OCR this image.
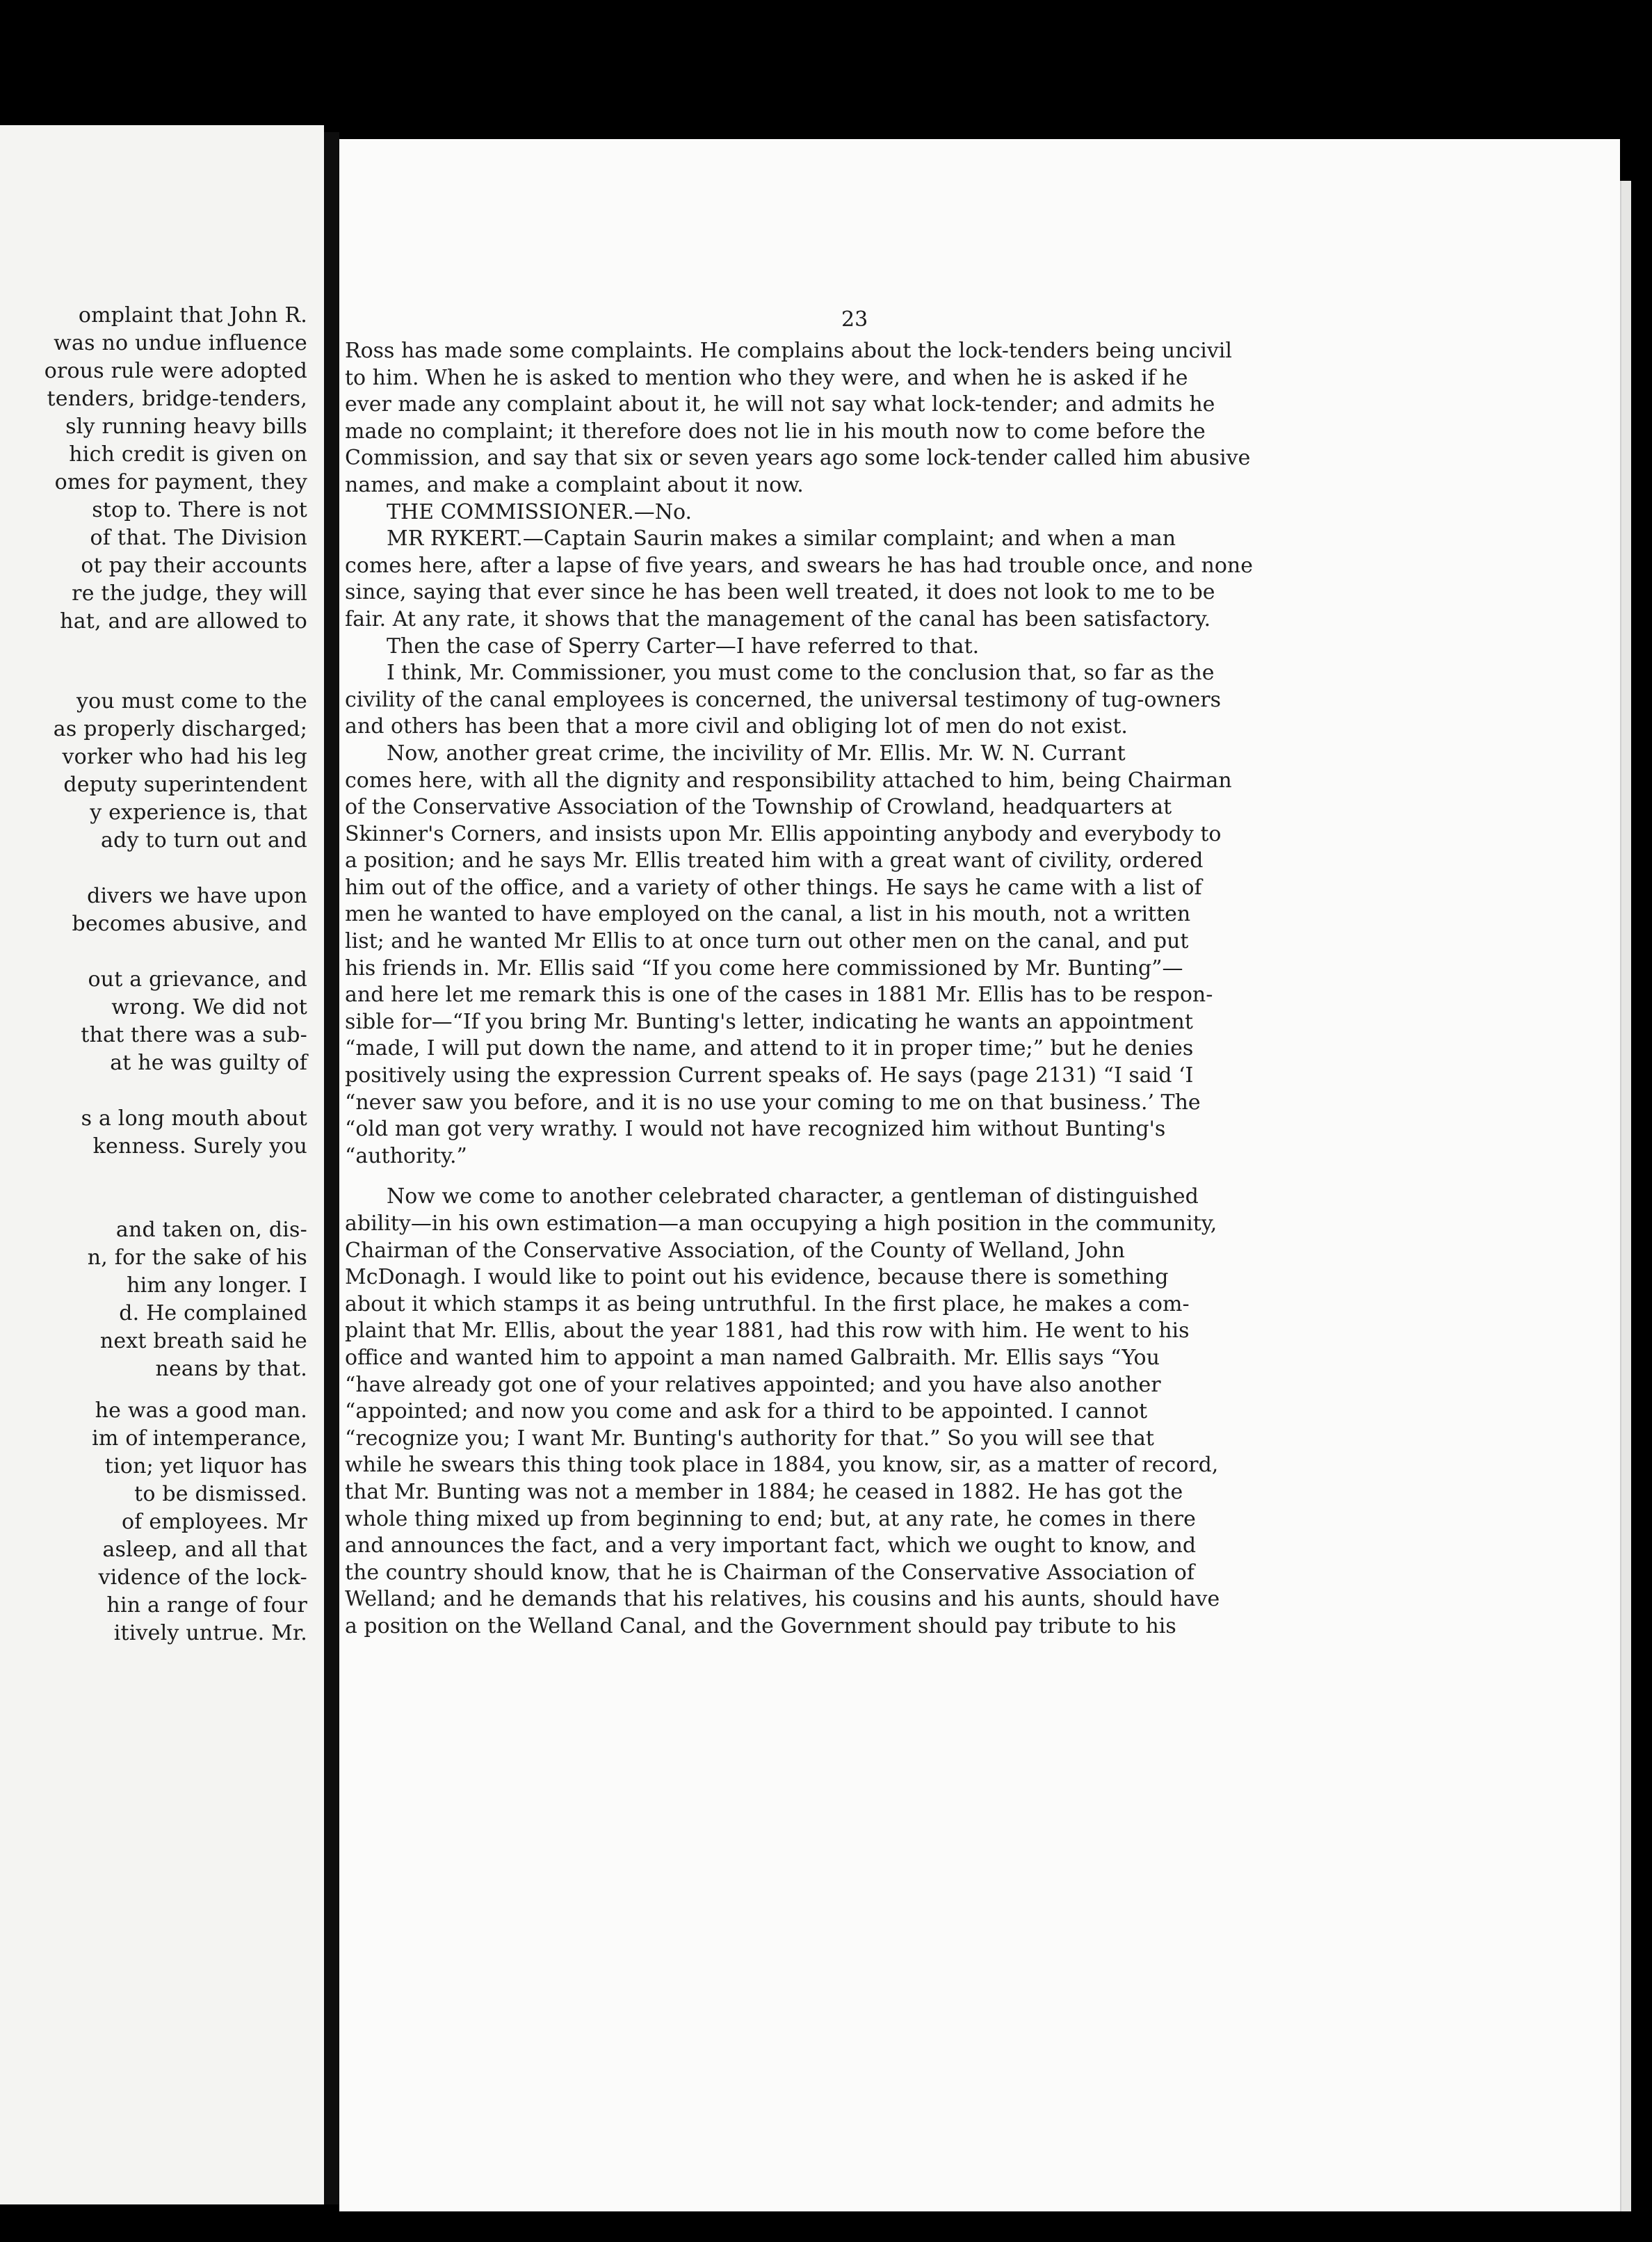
omplaint that John R.
was no undue influence
orous rule were adopted
tenders, bridge-tenders,
sly running heavy bills
hich credit is given on
omes for payment, they
stop to. There is not
of that. The Division
ot pay their accounts
re the judge, they will
hat, and are allowed to
you must come to the
as properly discharged;
vorker who had his leg
deputy superintendent
y experience is, that
ady to turn out and
divers we have upon
becomes abusive, and
out a grievance, and
wrong. We did not
that there was a sub-
at he was guilty of
s a long mouth about
kenness. Surely you
and taken on, dis-
n, for the sake of his
him any longer. I
d. He complained
next breath said he
neans by that.
he was a good man.
im of intemperance,
tion; yet liquor has
to be dismissed.
of employees. Mr
asleep, and all that
vidence of the lock-
hin a range of four
itively untrue. Mr.
23
Ross has made some complaints. He complains about the lock-tenders being uncivil
to him. When he is asked to mention who they were, and when he is asked if he
ever made any complaint about it, he will not say what lock-tender; and admits he
made no complaint; it therefore does not lie in his mouth now to come before the
Commission, and say that six or seven years ago some lock-tender called him abusive
names, and make a complaint about it now.
THE COMMISSIONER.—No.
MR RYKERT.—Captain Saurin makes a similar complaint; and when a man
comes here, after a lapse of five years, and swears he has had trouble once, and none
since, saying that ever since he has been well treated, it does not look to me to be
fair. At any rate, it shows that the management of the canal has been satisfactory.
Then the case of Sperry Carter—I have referred to that.
I think, Mr. Commissioner, you must come to the conclusion that, so far as the
civility of the canal employees is concerned, the universal testimony of tug-owners
and others has been that a more civil and obliging lot of men do not exist.
Now, another great crime, the incivility of Mr. Ellis. Mr. W. N. Currant
comes here, with all the dignity and responsibility attached to him, being Chairman
of the Conservative Association of the Township of Crowland, headquarters at
Skinner's Corners, and insists upon Mr. Ellis appointing anybody and everybody to
a position; and he says Mr. Ellis treated him with a great want of civility, ordered
him out of the office, and a variety of other things. He says he came with a list of
men he wanted to have employed on the canal, a list in his mouth, not a written
list; and he wanted Mr Ellis to at once turn out other men on the canal, and put
his friends in. Mr. Ellis said “If you come here commissioned by Mr. Bunting”—
and here let me remark this is one of the cases in 1881 Mr. Ellis has to be respon-
sible for—“If you bring Mr. Bunting's letter, indicating he wants an appointment
“made, I will put down the name, and attend to it in proper time;” but he denies
positively using the expression Current speaks of. He says (page 2131) “I said ‘I
“never saw you before, and it is no use your coming to me on that business.’ The
“old man got very wrathy. I would not have recognized him without Bunting's
“authority.”
Now we come to another celebrated character, a gentleman of distinguished
ability—in his own estimation—a man occupying a high position in the community,
Chairman of the Conservative Association, of the County of Welland, John
McDonagh. I would like to point out his evidence, because there is something
about it which stamps it as being untruthful. In the first place, he makes a com-
plaint that Mr. Ellis, about the year 1881, had this row with him. He went to his
office and wanted him to appoint a man named Galbraith. Mr. Ellis says “You
“have already got one of your relatives appointed; and you have also another
“appointed; and now you come and ask for a third to be appointed. I cannot
“recognize you; I want Mr. Bunting's authority for that.” So you will see that
while he swears this thing took place in 1884, you know, sir, as a matter of record,
that Mr. Bunting was not a member in 1884; he ceased in 1882. He has got the
whole thing mixed up from beginning to end; but, at any rate, he comes in there
and announces the fact, and a very important fact, which we ought to know, and
the country should know, that he is Chairman of the Conservative Association of
Welland; and he demands that his relatives, his cousins and his aunts, should have
a position on the Welland Canal, and the Government should pay tribute to his
